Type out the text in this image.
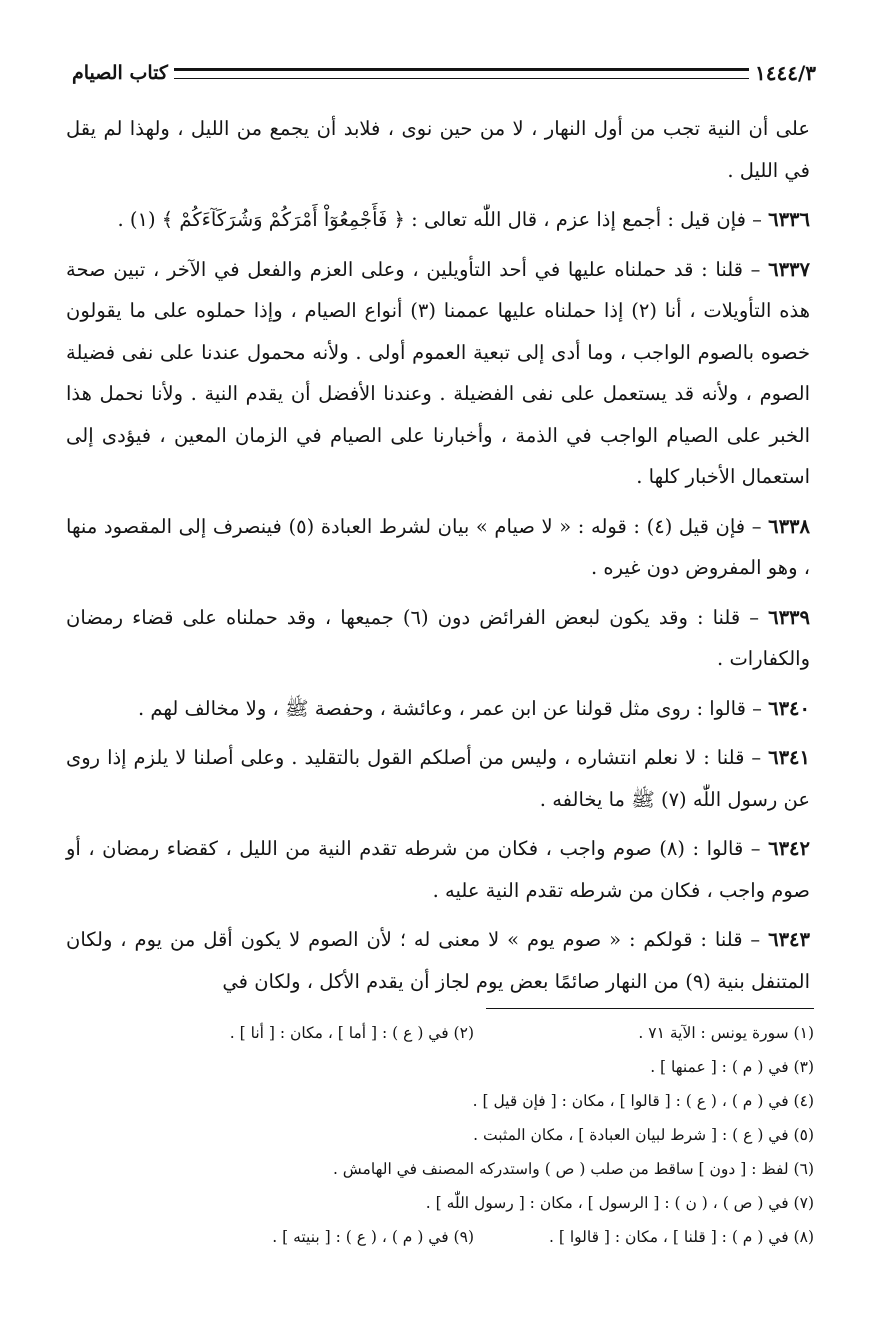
كتاب الصيام	١٤٤٤/٣

على أن النية تجب من أول النهار ، لا من حين نوى ، فلابد أن يجمع من الليل ، ولهذا لم يقل في الليل .

٦٣٣٦ – فإن قيل : أجمع إذا عزم ، قال اللّٰه تعالى : ﴿ فَأَجْمِعُوٓاْ أَمْرَكُمْ وَشُرَكَآءَكُمْ ﴾ (١) .

٦٣٣٧ – قلنا : قد حملناه عليها في أحد التأويلين ، وعلى العزم والفعل في الآخر ، تبين صحة هذه التأويلات ، أنا (٢) إذا حملناه عليها عممنا (٣) أنواع الصيام ، وإذا حملوه على ما يقولون خصوه بالصوم الواجب ، وما أدى إلى تبعية العموم أولى . ولأنه محمول عندنا على نفى فضيلة الصوم ، ولأنه قد يستعمل على نفى الفضيلة . وعندنا الأفضل أن يقدم النية . ولأنا نحمل هذا الخبر على الصيام الواجب في الذمة ، وأخبارنا على الصيام في الزمان المعين ، فيؤدى إلى استعمال الأخبار كلها .

٦٣٣٨ – فإن قيل (٤) : قوله : « لا صيام » بيان لشرط العبادة (٥) فينصرف إلى المقصود منها ، وهو المفروض دون غيره .

٦٣٣٩ – قلنا : وقد يكون لبعض الفرائض دون (٦) جميعها ، وقد حملناه على قضاء رمضان والكفارات .

٦٣٤٠ – قالوا : روى مثل قولنا عن ابن عمر ، وعائشة ، وحفصة ﷺ ، ولا مخالف لهم .

٦٣٤١ – قلنا : لا نعلم انتشاره ، وليس من أصلكم القول بالتقليد . وعلى أصلنا لا يلزم إذا روى عن رسول اللّٰه (٧) ﷺ ما يخالفه .

٦٣٤٢ – قالوا : (٨) صوم واجب ، فكان من شرطه تقدم النية من الليل ، كقضاء رمضان ، أو صوم واجب ، فكان من شرطه تقدم النية عليه .

٦٣٤٣ – قلنا : قولكم : « صوم يوم » لا معنى له ؛ لأن الصوم لا يكون أقل من يوم ، ولكان المتنفل بنية (٩) من النهار صائمًا بعض يوم لجاز أن يقدم الأكل ، ولكان في

(١) سورة يونس : الآية ٧١ .
(٢) في ( ع ) : [ أما ] ، مكان : [ أنا ] .
(٣) في ( م ) : [ عمنها ] .
(٤) في ( م ) ، ( ع ) : [ قالوا ] ، مكان : [ فإن قيل ] .
(٥) في ( ع ) : [ شرط لبيان العبادة ] ، مكان المثبت .
(٦) لفظ : [ دون ] ساقط من صلب ( ص ) واستدركه المصنف في الهامش .
(٧) في ( ص ) ، ( ن ) : [ الرسول ] ، مكان : [ رسول اللّٰه ] .
(٨) في ( م ) : [ قلنا ] ، مكان : [ قالوا ] .
(٩) في ( م ) ، ( ع ) : [ بنيته ] .
